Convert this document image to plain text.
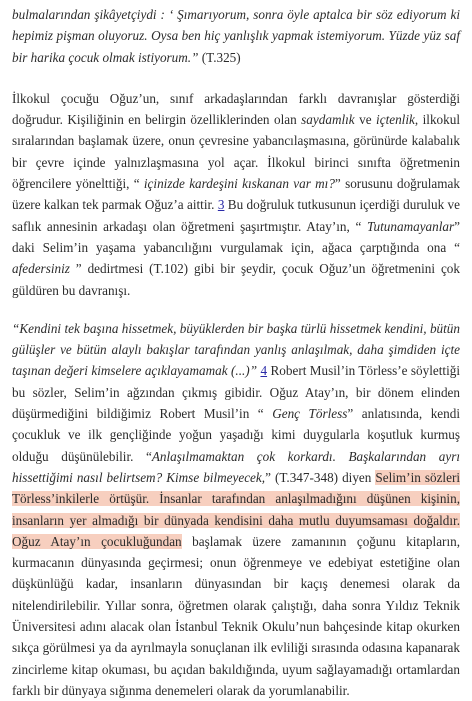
bulmalarından şikâyetçiydi : ‘ Şımarıyorum, sonra öyle aptalca bir söz ediyorum ki hepimiz pişman oluyoruz. Oysa ben hiç yanlışlık yapmak istemiyorum. Yüzde yüz saf bir harika çocuk olmak istiyorum.” (T.325)

İlkokul çocuğu Oğuz’un, sınıf arkadaşlarından farklı davranışlar gösterdiği doğrudur. Kişiliğinin en belirgin özelliklerinden olan saydamlık ve içtenlik, ilkokul sıralarından başlamak üzere, onun çevresine yabancılaşmasına, görünürde kalabalık bir çevre içinde yalnızlaşmasına yol açar. İlkokul birinci sınıfta öğretmenin öğrencilere yönelttiği, “ içinizde kardeşini kıskanan var mı?” sorusunu doğrulamak üzere kalkan tek parmak Oğuz’a aittir. 3 Bu doğruluk tutkusunun içerdiği duruluk ve saflık annesinin arkadaşı olan öğretmeni şaşırtmıştır. Atay’ın, “ Tutunamayanlar” daki Selim’in yaşama yabancılığını vurgulamak için, ağaca çarptığında ona “ afedersiniz ” dedirtmesi (T.102) gibi bir şeydir, çocuk Oğuz’un öğretmenini çok güldüren bu davranışı.

“Kendini tek başına hissetmek, büyüklerden bir başka türlü hissetmek kendini, bütün gülüşler ve bütün alaylı bakışlar tarafından yanlış anlaşılmak, daha şimdiden içte taşınan değeri kimselere açıklayamamak (...)” 4 Robert Musil’in Törless’e söylettiği bu sözler, Selim’in ağzından çıkmış gibidir. Oğuz Atay’ın, bir dönem elinden düşürmediğini bildiğimiz Robert Musil’in “ Genç Törless” anlatısında, kendi çocukluk ve ilk gençliğinde yoğun yaşadığı kimi duygularla koşutluk kurmuş olduğu düşünülebilir. “Anlaşılmamaktan çok korkardı. Başkalarından ayrı hissettiğimi nasıl belirtsem? Kimse bilmeyecek,” (T.347-348) diyen Selim’in sözleri Törless’inkilerle örtüşür. İnsanlar tarafından anlaşılmadığını düşünen kişinin, insanların yer almadığı bir dünyada kendisini daha mutlu duyumsaması doğaldır. Oğuz Atay’ın çocukluğundan başlamak üzere zamanının çoğunu kitapların, kurmacanın dünyasında geçirmesi; onun öğrenmeye ve edebiyat estetiğine olan düşkünlüğü kadar, insanların dünyasından bir kaçış denemesi olarak da nitelendirilebilir. Yıllar sonra, öğretmen olarak çalıştığı, daha sonra Yıldız Teknik Üniversitesi adını alacak olan İstanbul Teknik Okulu’nun bahçesinde kitap okurken sıkça görülmesi ya da ayrılmayla sonuçlanan ilk evliliği sırasında odasına kapanarak zincirleme kitap okuması, bu açıdan bakıldığında, uyum sağlayamadığı ortamlardan farklı bir dünyaya sığınma denemeleri olarak da yorumlanabilir.
